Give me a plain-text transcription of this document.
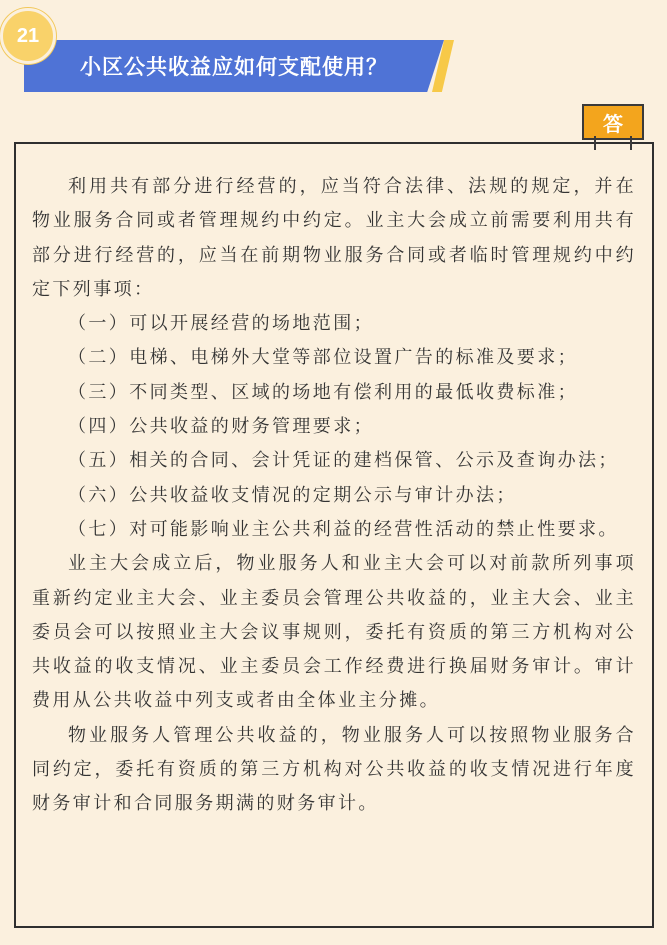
21
小区公共收益应如何支配使用？
答

利用共有部分进行经营的，应当符合法律、法规的规定，并在物业服务合同或者管理规约中约定。业主大会成立前需要利用共有部分进行经营的，应当在前期物业服务合同或者临时管理规约中约定下列事项：

（一）可以开展经营的场地范围；

（二）电梯、电梯外大堂等部位设置广告的标准及要求；

（三）不同类型、区域的场地有偿利用的最低收费标准；

（四）公共收益的财务管理要求；

（五）相关的合同、会计凭证的建档保管、公示及查询办法；

（六）公共收益收支情况的定期公示与审计办法；

（七）对可能影响业主公共利益的经营性活动的禁止性要求。

业主大会成立后，物业服务人和业主大会可以对前款所列事项重新约定业主大会、业主委员会管理公共收益的，业主大会、业主委员会可以按照业主大会议事规则，委托有资质的第三方机构对公共收益的收支情况、业主委员会工作经费进行换届财务审计。审计费用从公共收益中列支或者由全体业主分摊。

物业服务人管理公共收益的，物业服务人可以按照物业服务合同约定，委托有资质的第三方机构对公共收益的收支情况进行年度财务审计和合同服务期满的财务审计。
